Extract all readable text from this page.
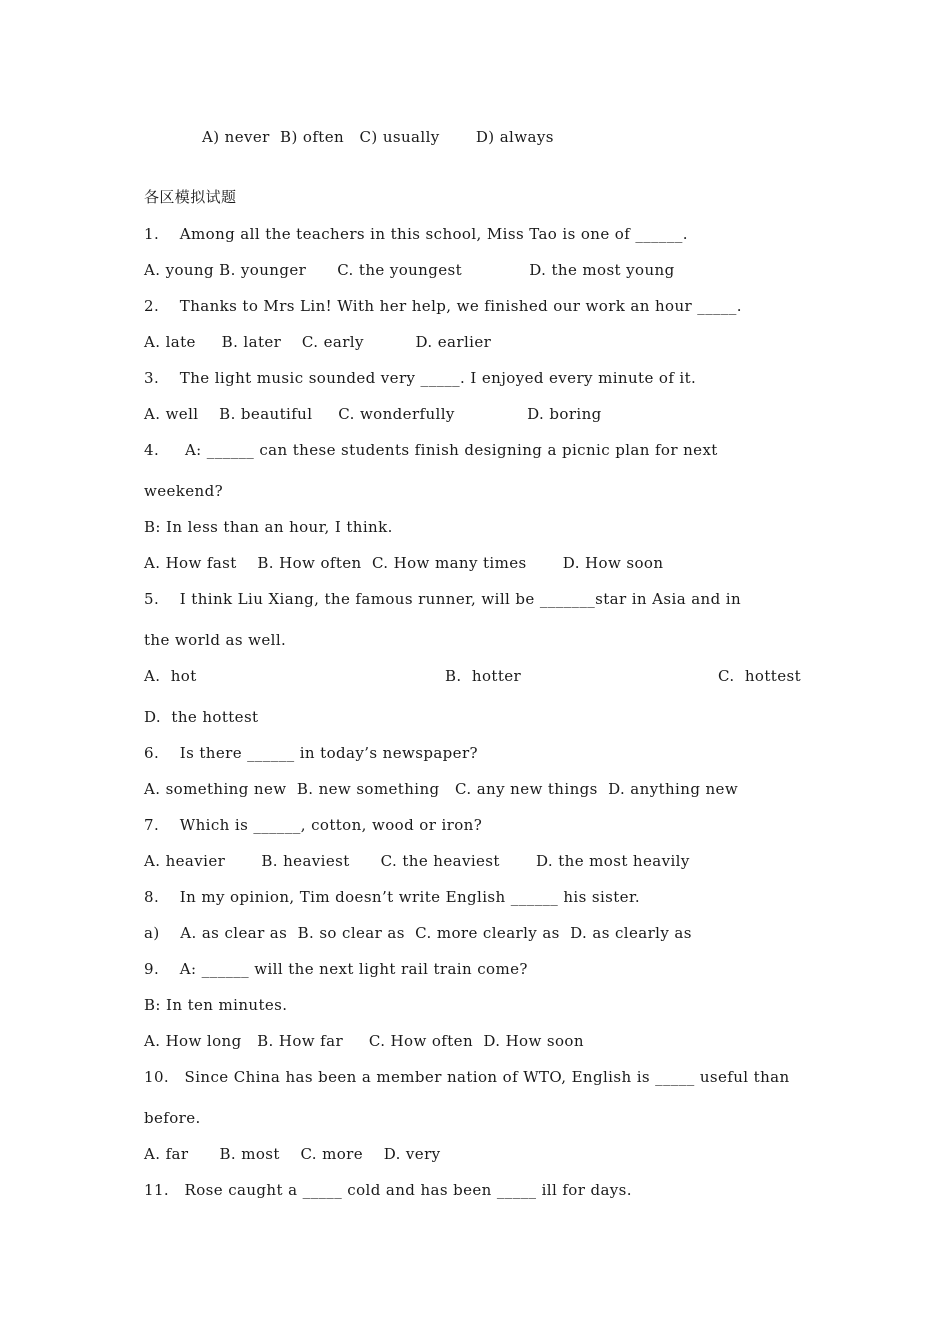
A) never  B) often   C) usually       D) always
各区模拟试题
1.    Among all the teachers in this school, Miss Tao is one of ______.
A. young B. younger      C. the youngest             D. the most young
2.    Thanks to Mrs Lin! With her help, we finished our work an hour _____.
A. late     B. later    C. early          D. earlier
3.    The light music sounded very _____. I enjoyed every minute of it.
A. well    B. beautiful     C. wonderfully              D. boring
4.     A: ______ can these students finish designing a picnic plan for next
weekend?
B: In less than an hour, I think.
A. How fast    B. How often  C. How many times       D. How soon
5.    I think Liu Xiang, the famous runner, will be _______star in Asia and in
the world as well.
A.  hot	B.  hotter	C.  hottest
D.  the hottest
6.    Is there ______ in today’s newspaper?
A. something new  B. new something   C. any new things  D. anything new
7.    Which is ______, cotton, wood or iron?
A. heavier       B. heaviest      C. the heaviest       D. the most heavily
8.    In my opinion, Tim doesn’t write English ______ his sister.
a)    A. as clear as  B. so clear as  C. more clearly as  D. as clearly as
9.    A: ______ will the next light rail train come?
B: In ten minutes.
A. How long   B. How far     C. How often  D. How soon
10.   Since China has been a member nation of WTO, English is _____ useful than
before.
A. far      B. most    C. more    D. very
11.   Rose caught a _____ cold and has been _____ ill for days.
